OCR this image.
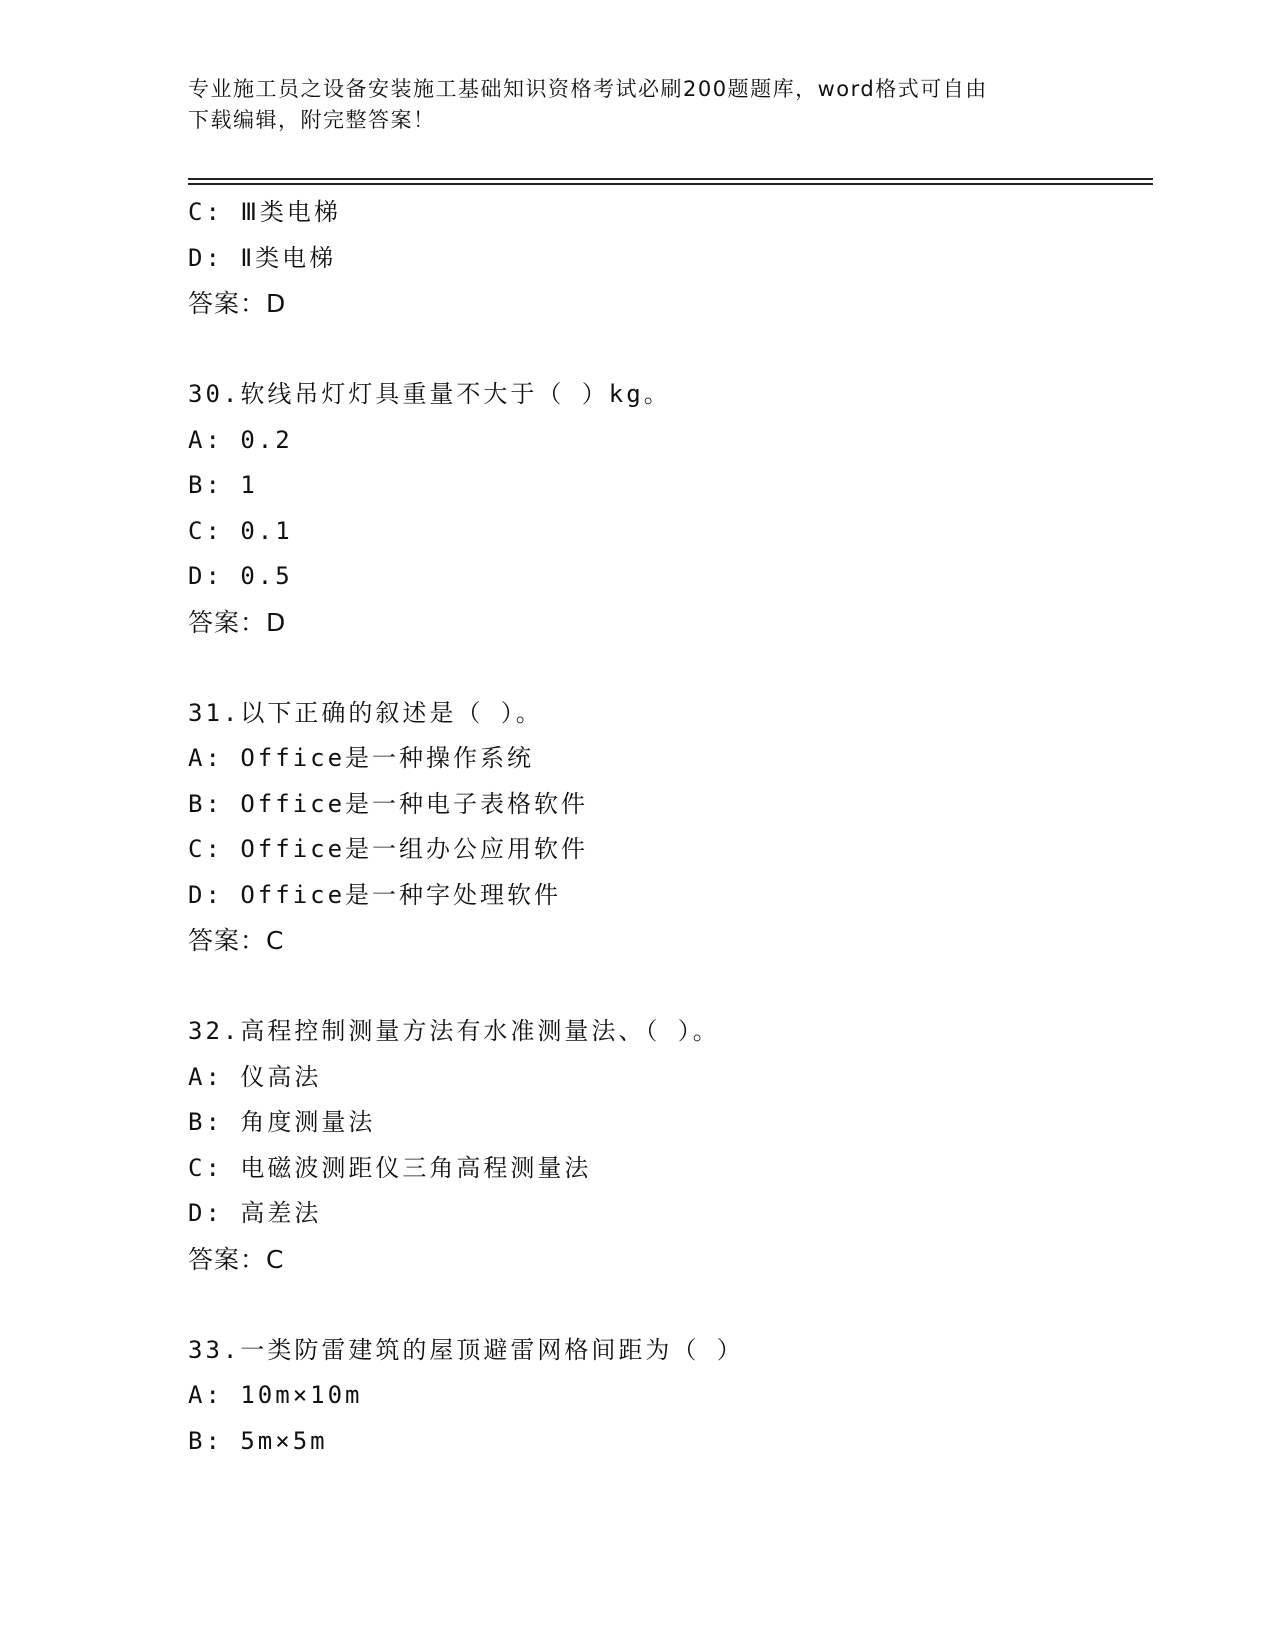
专业施工员之设备安装施工基础知识资格考试必刷200题题库，word格式可自由
下载编辑，附完整答案！
C: Ⅲ类电梯
D: Ⅱ类电梯
答案：D
30.软线吊灯灯具重量不大于（ ）kg。
A: 0.2
B: 1
C: 0.1
D: 0.5
答案：D
31.以下正确的叙述是（ ）。
A: Office是一种操作系统
B: Office是一种电子表格软件
C: Office是一组办公应用软件
D: Office是一种字处理软件
答案：C
32.高程控制测量方法有水准测量法、（ ）。
A: 仪高法
B: 角度测量法
C: 电磁波测距仪三角高程测量法
D: 高差法
答案：C
33.一类防雷建筑的屋顶避雷网格间距为（ ）
A: 10m×10m
B: 5m×5m
